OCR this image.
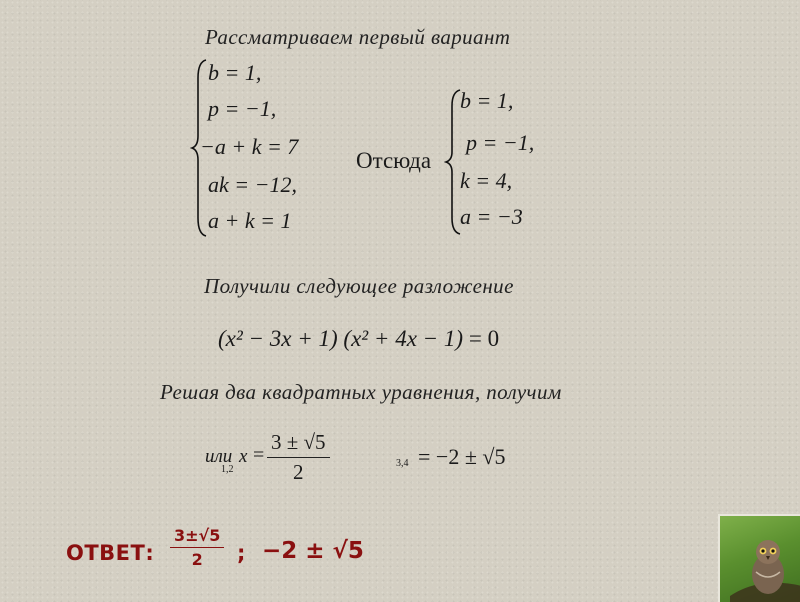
Рассматриваем первый вариант
b = 1,
p = −1,
−a + k = 7
ak = −12,
a + k = 1
Отсюда
b = 1,
p = −1,
k = 4,
a = −3
Получили следующее разложение
(x² − 3x + 1) (x² + 4x − 1) = 0
Решая два квадратных уравнения, получим
или x
1,2
= $\frac{3 \pm √5}{2}$	3,4 = −2 ± √5
ОТВЕТ: $\frac{3\pm√5}{2}$ ; −2 ± √5
